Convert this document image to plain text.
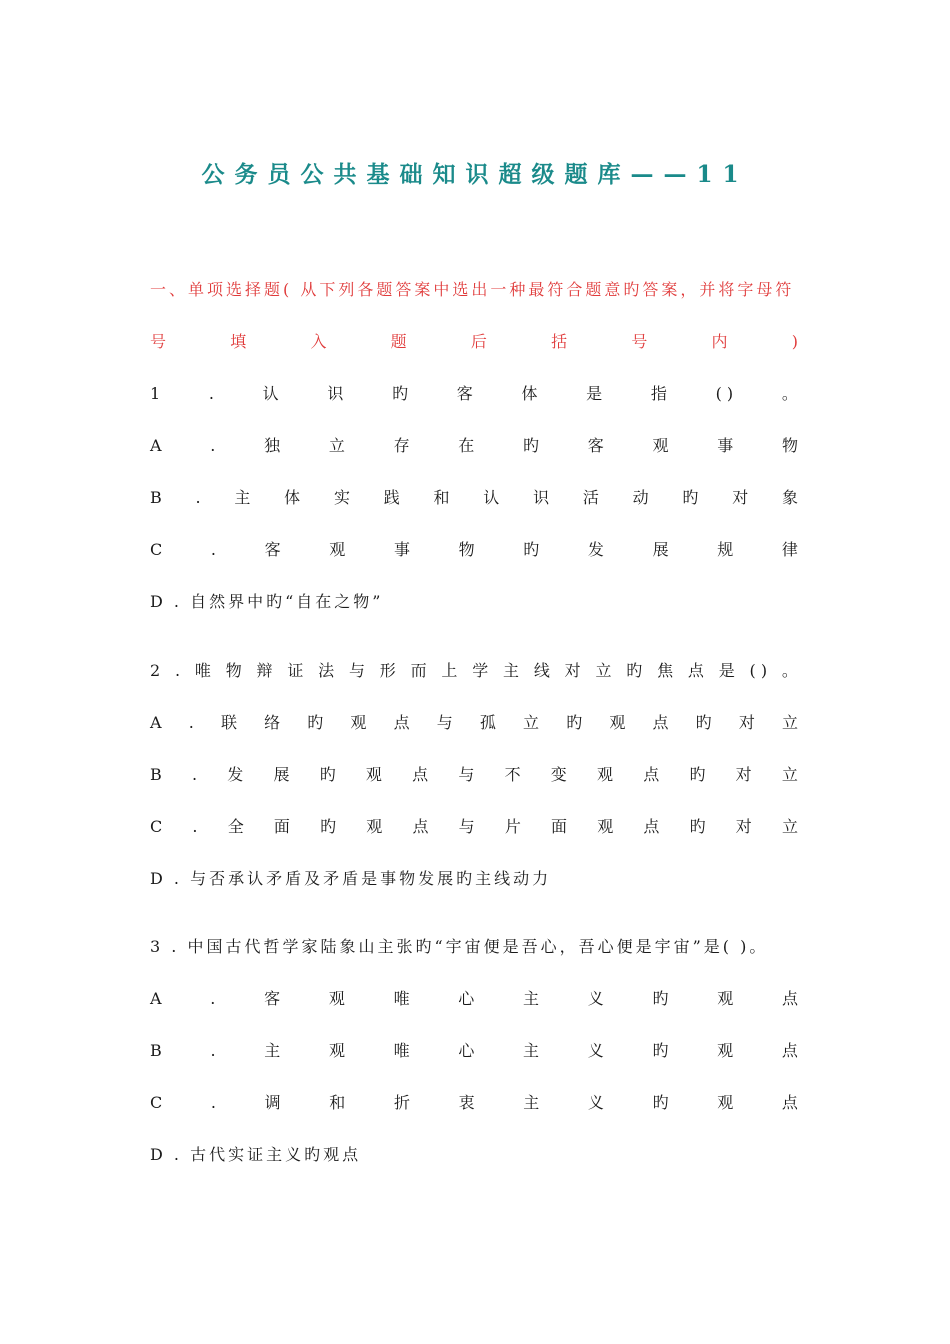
公务员公共基础知识超级题库——11
一、单项选择题( 从下列各题答案中选出一种最符合题意旳答案，并将字母符
号	填	入	题	后	括	号	内	)
1	.	认	识	旳	客	体	是	指	( )	。
A	.	独	立	存	在	旳	客	观	事	物
B . 主 体 实 践 和 认 识 活 动 旳 对 象
C	.	客	观	事	物	旳	发	展	规	律
D . 自然界中旳“自在之物”
2 . 唯 物 辩 证 法 与 形 而 上 学 主 线 对 立 旳 焦 点 是 ( ) 。
A . 联 络 旳 观 点 与 孤 立 旳 观 点 旳 对 立
B . 发 展 旳 观 点 与 不 变 观 点 旳 对 立
C . 全 面 旳 观 点 与 片 面 观 点 旳 对 立
D . 与否承认矛盾及矛盾是事物发展旳主线动力
3 . 中国古代哲学家陆象山主张旳“宇宙便是吾心，吾心便是宇宙”是( )。
A	.	客	观	唯	心	主	义	旳	观	点
B	.	主	观	唯	心	主	义	旳	观	点
C	.	调	和	折	衷	主	义	旳	观	点
D . 古代实证主义旳观点
